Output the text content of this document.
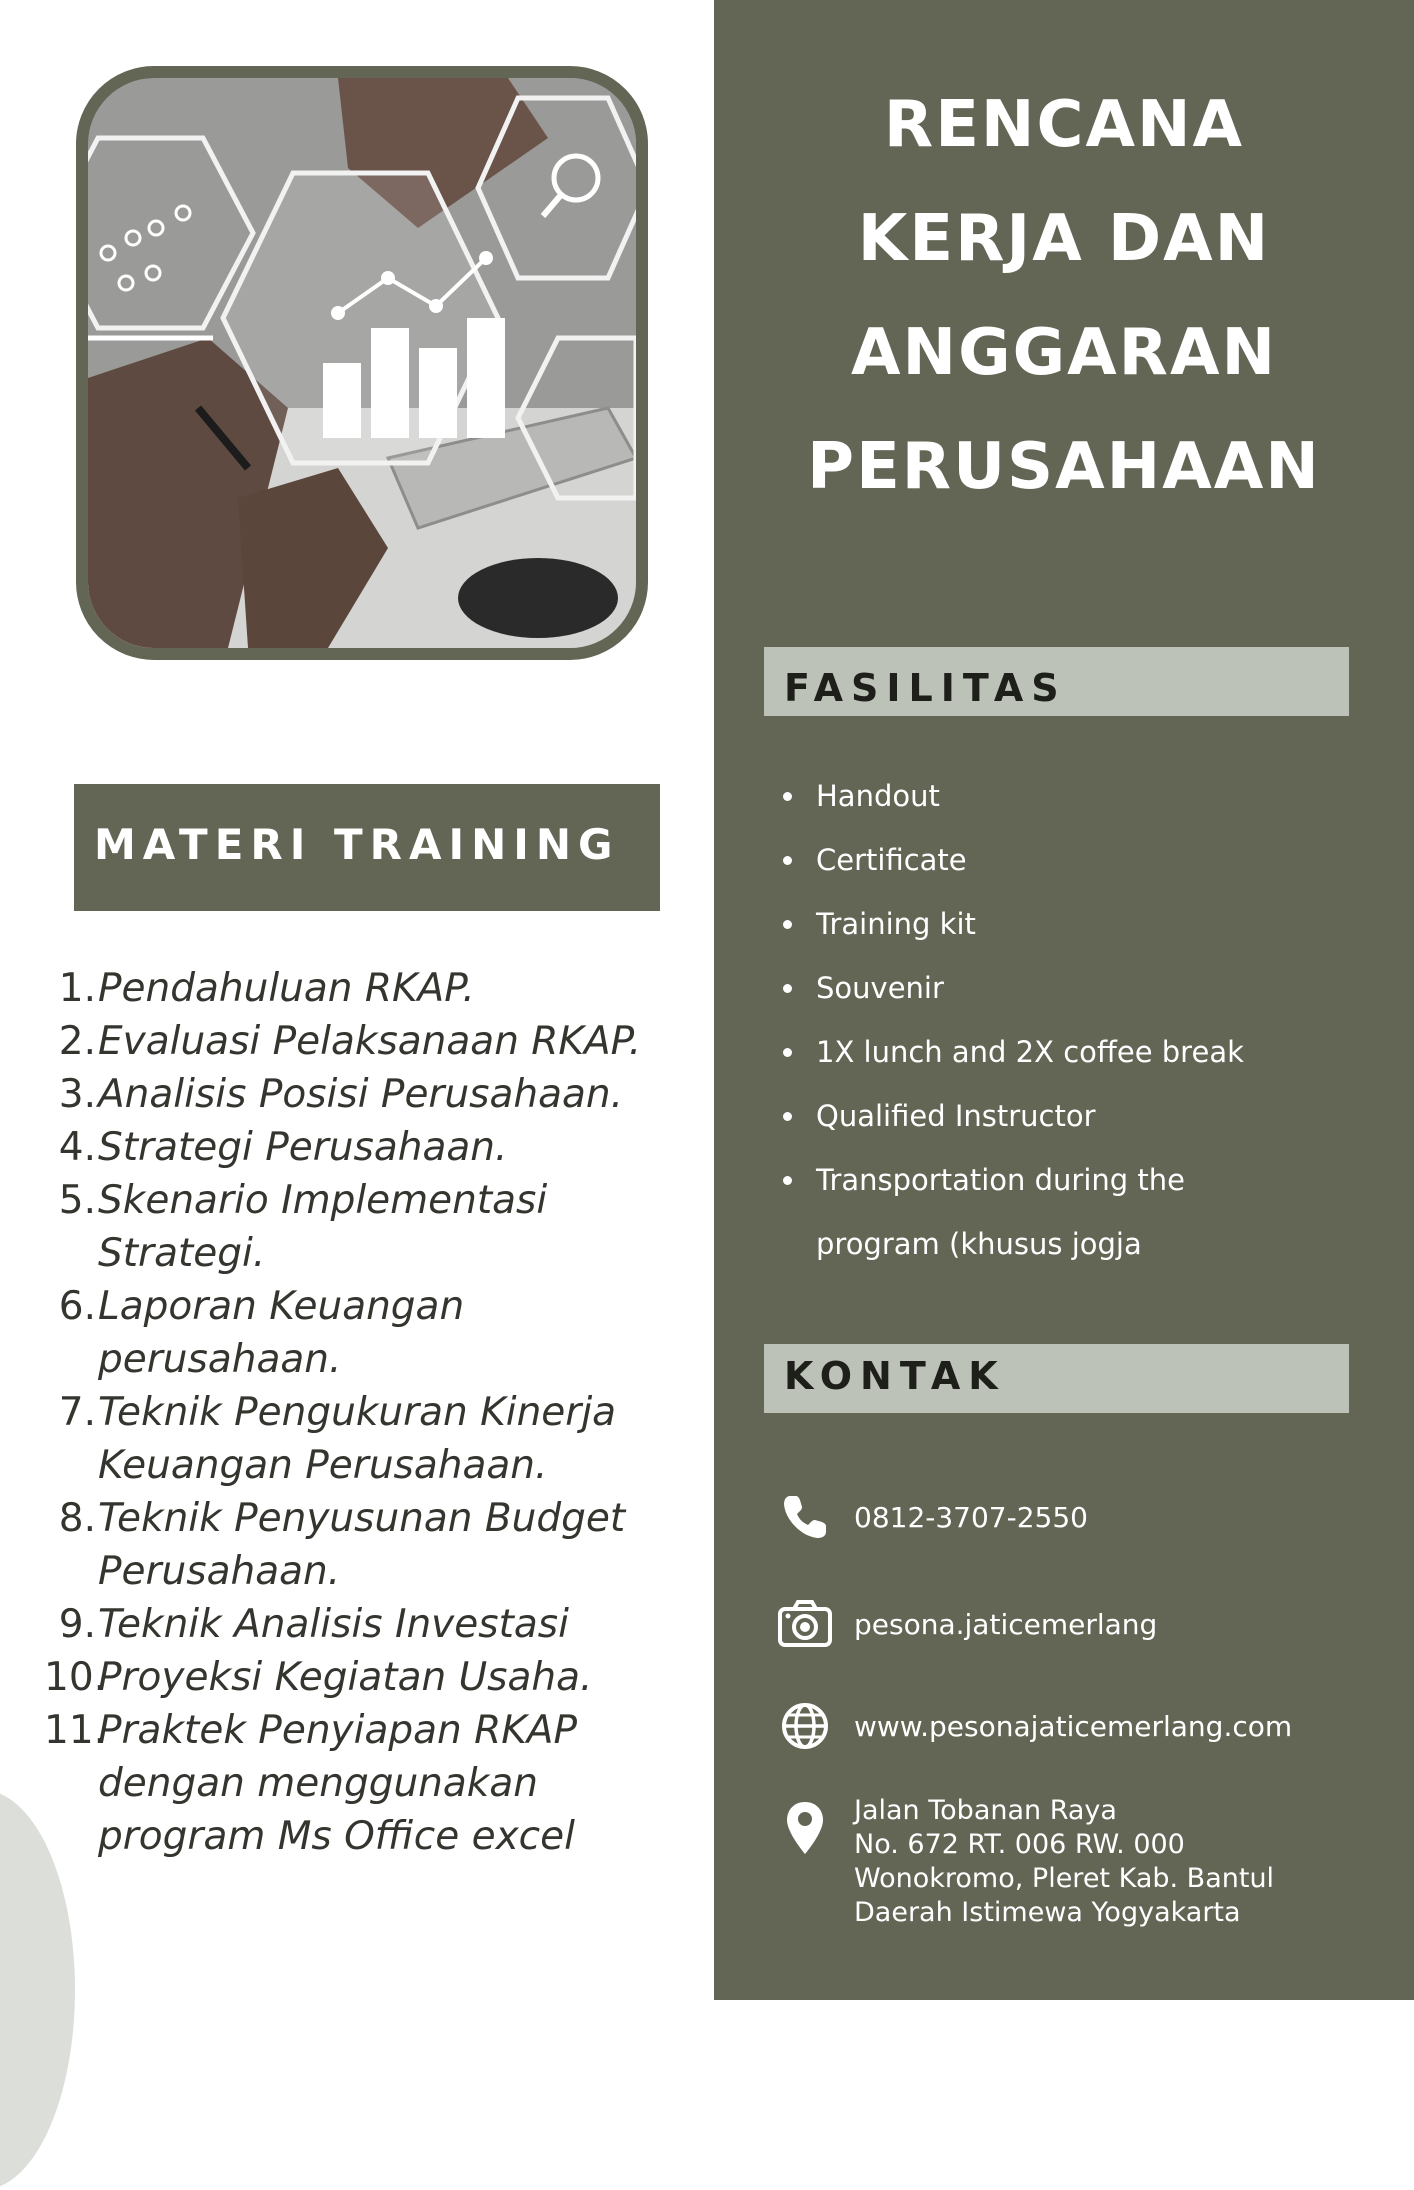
RENCANA
KERJA DAN
ANGGARAN
PERUSAHAAN
MATERI TRAINING
1. Pendahuluan RKAP.
2. Evaluasi Pelaksanaan RKAP.
3. Analisis Posisi Perusahaan.
4. Strategi Perusahaan.
5. Skenario Implementasi Strategi.
6. Laporan Keuangan perusahaan.
7. Teknik Pengukuran Kinerja Keuangan Perusahaan.
8. Teknik Penyusunan Budget Perusahaan.
9. Teknik Analisis Investasi
10.
Proyeksi Kegiatan Usaha.
11.
Praktek Penyiapan RKAP dengan menggunakan program Ms Office excel
FASILITAS
Handout
Certificate
Training kit
Souvenir
1X lunch and 2X coffee break
Qualified Instructor
Transportation during the program (khusus jogja
KONTAK
0812-3707-2550
pesona.jaticemerlang
www.pesonajaticemerlang.com
Jalan Tobanan Raya
No. 672 RT. 006 RW. 000
Wonokromo, Pleret Kab. Bantul
Daerah Istimewa Yogyakarta
